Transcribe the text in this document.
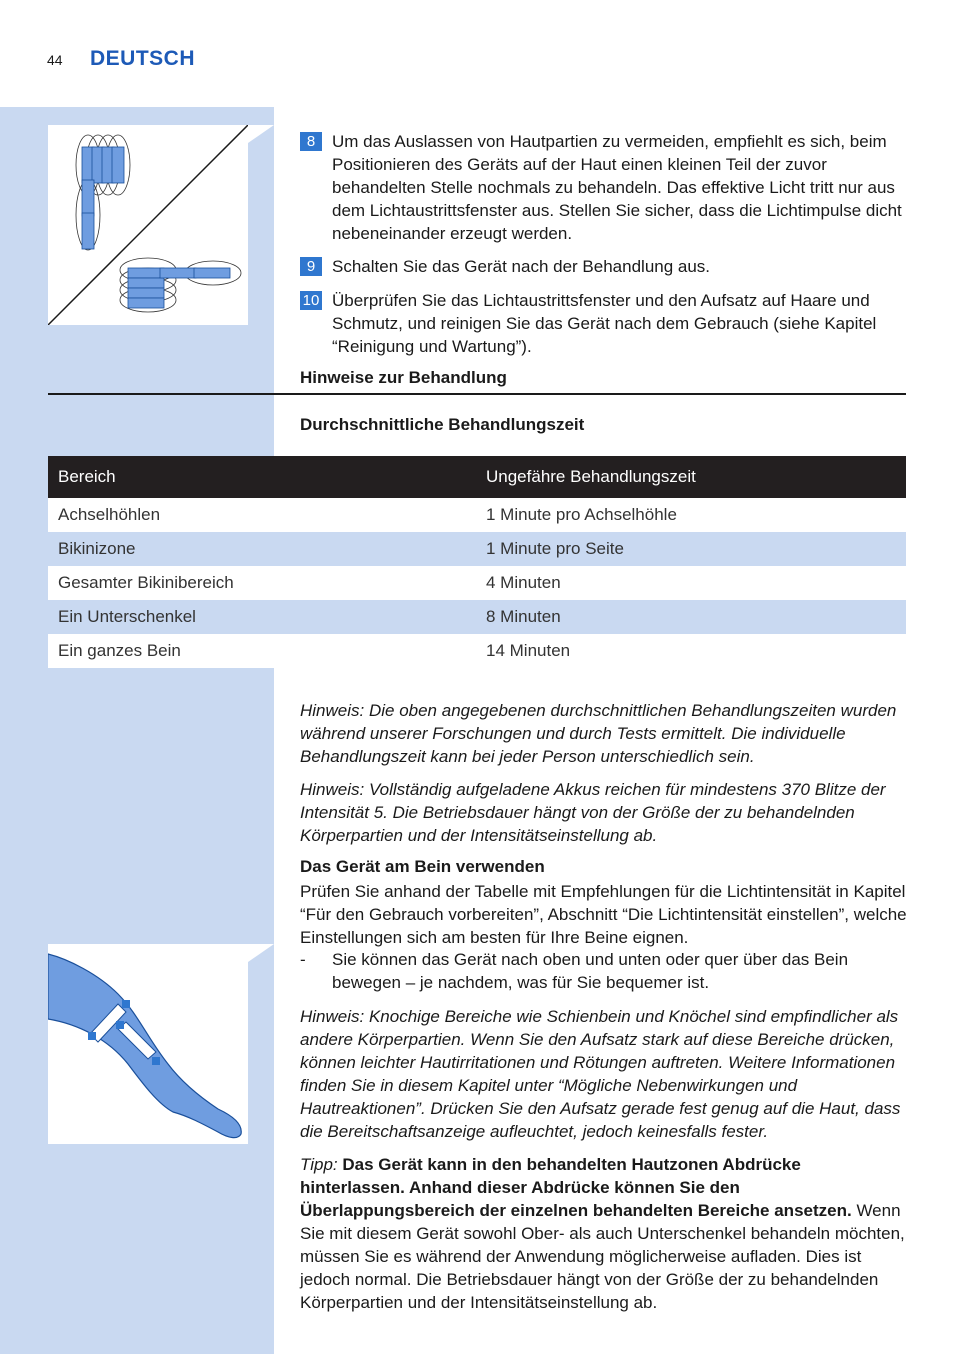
44 DEUTSCH
8 Um das Auslassen von Hautpartien zu vermeiden, empfiehlt es sich, beim Positionieren des Geräts auf der Haut einen kleinen Teil der zuvor behandelten Stelle nochmals zu behandeln. Das effektive Licht tritt nur aus dem Lichtaustrittsfenster aus. Stellen Sie sicher, dass die Lichtimpulse dicht nebeneinander erzeugt werden.
9 Schalten Sie das Gerät nach der Behandlung aus.
10 Überprüfen Sie das Lichtaustrittsfenster und den Aufsatz auf Haare und Schmutz, und reinigen Sie das Gerät nach dem Gebrauch (siehe Kapitel “Reinigung und Wartung”).
Hinweise zur Behandlung
Durchschnittliche Behandlungszeit
Bereich	Ungefähre Behandlungszeit
Achselhöhlen	1 Minute pro Achselhöhle
Bikinizone	1 Minute pro Seite
Gesamter Bikinibereich	4 Minuten
Ein Unterschenkel	8 Minuten
Ein ganzes Bein	14 Minuten
Hinweis: Die oben angegebenen durchschnittlichen Behandlungszeiten wurden während unserer Forschungen und durch Tests ermittelt. Die individuelle Behandlungszeit kann bei jeder Person unterschiedlich sein.
Hinweis: Vollständig aufgeladene Akkus reichen für mindestens 370 Blitze der Intensität 5. Die Betriebsdauer hängt von der Größe der zu behandelnden Körperpartien und der Intensitätseinstellung ab.
Das Gerät am Bein verwenden
Prüfen Sie anhand der Tabelle mit Empfehlungen für die Lichtintensität in Kapitel “Für den Gebrauch vorbereiten”, Abschnitt “Die Lichtintensität einstellen”, welche Einstellungen sich am besten für Ihre Beine eignen.
- Sie können das Gerät nach oben und unten oder quer über das Bein bewegen – je nachdem, was für Sie bequemer ist.
Hinweis: Knochige Bereiche wie Schienbein und Knöchel sind empfindlicher als andere Körperpartien. Wenn Sie den Aufsatz stark auf diese Bereiche drücken, können leichter Hautirritationen und Rötungen auftreten. Weitere Informationen finden Sie in diesem Kapitel unter “Mögliche Nebenwirkungen und Hautreaktionen”. Drücken Sie den Aufsatz gerade fest genug auf die Haut, dass die Bereitschaftsanzeige aufleuchtet, jedoch keinesfalls fester.
Tipp: Das Gerät kann in den behandelten Hautzonen Abdrücke hinterlassen. Anhand dieser Abdrücke können Sie den Überlappungsbereich der einzelnen behandelten Bereiche ansetzen. Wenn Sie mit diesem Gerät sowohl Ober- als auch Unterschenkel behandeln möchten, müssen Sie es während der Anwendung möglicherweise aufladen. Dies ist jedoch normal. Die Betriebsdauer hängt von der Größe der zu behandelnden Körperpartien und der Intensitätseinstellung ab.
